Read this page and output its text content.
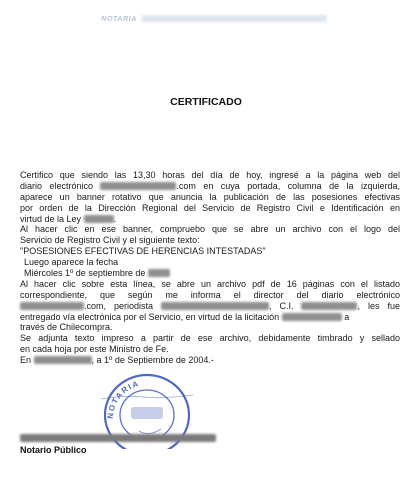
NOTARIA
CERTIFICADO
Certifico que siendo las 13,30 horas del día de hoy, ingresé a la página web del
diario electrónico	.com en cuya portada, columna de la izquierda,
aparece un banner rotativo que anuncia la publicación de las posesiones efectivas
por orden de la Dirección Regional del Servicio de Registro Civil e Identificación en
virtud de la Ley	.
Al hacer clic en ese banner, compruebo que se abre un archivo con el logo del
Servicio de Registro Civil y el siguiente texto:
"POSESIONES EFECTIVAS DE HERENCIAS INTESTADAS"
Luego aparece la fecha
Miércoles 1º de septiembre de
Al hacer clic sobre esta línea, se abre un archivo pdf de 16 páginas con el listado
correspondiente, que según me informa el director del diario electrónico
.com, periodista	, C.I.	, les fue
entregado vía electrónica por el Servicio, en virtud de la licitación	a
través de Chilecompra.
Se adjunta texto impreso a partir de ese archivo, debidamente timbrado y sellado
en cada hoja por este Ministro de Fe.
En	, a 1º de Septiembre de 2004.-
NOTARIA
Notario Público
